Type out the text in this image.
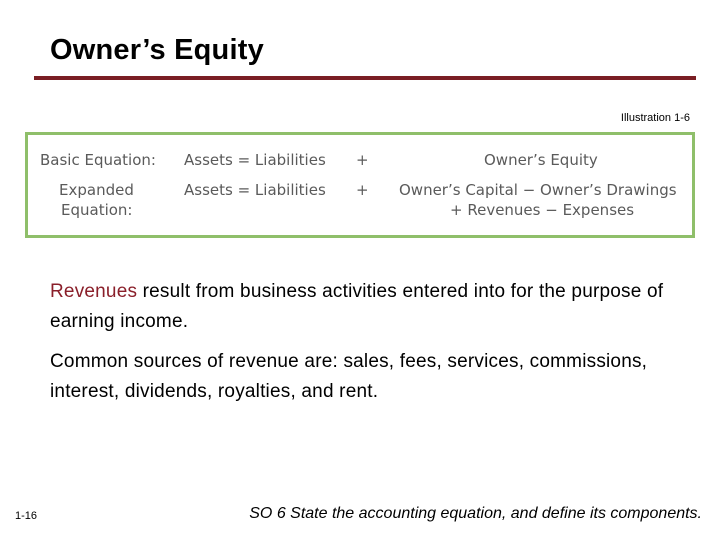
Owner’s Equity
Illustration 1-6
Basic Equation: Assets = Liabilities +	Owner’s Equity
Expanded
Equation:
Assets = Liabilities + Owner’s Capital − Owner’s Drawings
+ Revenues − Expenses
Revenues result from business activities entered into for the purpose of earning income.
Common sources of revenue are: sales, fees, services, commissions, interest, dividends, royalties, and rent.
1-16	SO 6 State the accounting equation, and define its components.
